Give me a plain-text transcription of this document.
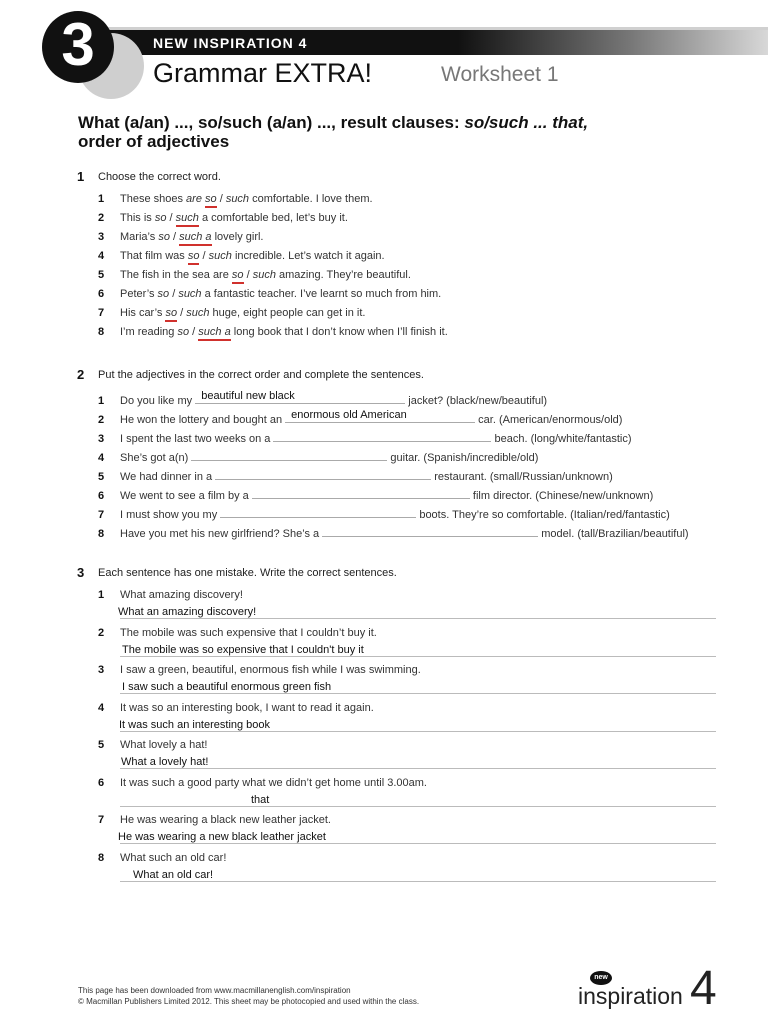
3	NEW INSPIRATION 4
Grammar EXTRA!	Worksheet 1
What (a/an) ..., so/such (a/an) ..., result clauses: so/such ... that,
order of adjectives
1 Choose the correct word.
1 These shoes are so / such comfortable. I love them.
2 This is so / such a comfortable bed, let’s buy it.
3 Maria’s so / such a lovely girl.
4 That film was so / such incredible. Let’s watch it again.
5 The fish in the sea are so / such amazing. They’re beautiful.
6 Peter’s so / such a fantastic teacher. I’ve learnt so much from him.
7 His car’s so / such huge, eight people can get in it.
8 I’m reading so / such a long book that I don’t know when I’ll finish it.
2 Put the adjectives in the correct order and complete the sentences.
1 Do you like my beautiful new black	jacket? (black/new/beautiful)
2 He won the lottery and bought an enormous old American	car. (American/enormous/old)
3 I spent the last two weeks on a	beach. (long/white/fantastic)
4 She’s got a(n)	guitar. (Spanish/incredible/old)
5 We had dinner in a	restaurant. (small/Russian/unknown)
6 We went to see a film by a	film director. (Chinese/new/unknown)
7 I must show you my	boots. They’re so comfortable. (Italian/red/fantastic)
8 Have you met his new girlfriend? She’s a	model. (tall/Brazilian/beautiful)
3 Each sentence has one mistake. Write the correct sentences.
1 What amazing discovery!
What an amazing discovery!
2 The mobile was such expensive that I couldn’t buy it.
The mobile was so expensive that I couldn't buy it
3 I saw a green, beautiful, enormous fish while I was swimming.
I saw such a beautiful enormous green fish
4 It was so an interesting book, I want to read it again.
It was such an interesting book
5 What lovely a hat!
What a lovely hat!
6 It was such a good party what we didn’t get home until 3.00am.
that
7 He was wearing a black new leather jacket.
He was wearing a new black leather jacket
8 What such an old car!
What an old car!
This page has been downloaded from www.macmillanenglish.com/inspiration
© Macmillan Publishers Limited 2012. This sheet may be photocopied and used within the class.
new
inspiration 4
